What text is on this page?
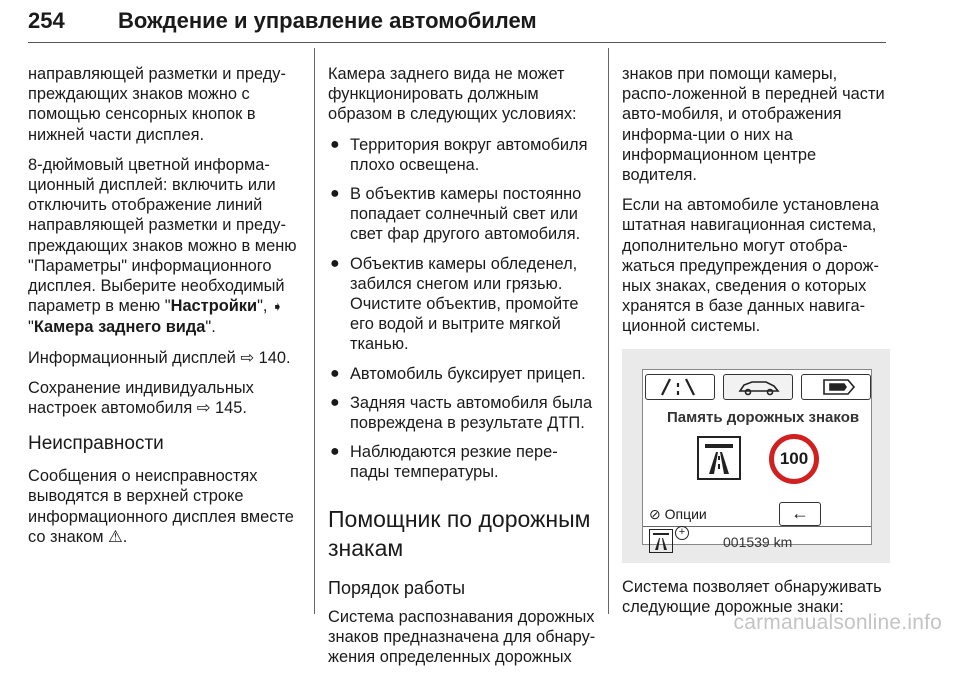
254 Вождение и управление автомобилем

направляющей разметки и преду-преждающих знаков можно с помощью сенсорных кнопок в нижней части дисплея.

8-дюймовый цветной информа-ционный дисплей: включить или отключить отображение линий направляющей разметки и преду-преждающих знаков можно в меню "Параметры" информационного дисплея. Выберите необходимый параметр в меню "Настройки", ➧ "Камера заднего вида".

Информационный дисплей ⇨ 140.

Сохранение индивидуальных настроек автомобиля ⇨ 145.

Неисправности

Сообщения о неисправностях выводятся в верхней строке информационного дисплея вместе со знаком ⚠.

Камера заднего вида не может функционировать должным образом в следующих условиях:

● Территория вокруг автомобиля плохо освещена.
● В объектив камеры постоянно попадает солнечный свет или свет фар другого автомобиля.
● Объектив камеры обледенел, забился снегом или грязью. Очистите объектив, промойте его водой и вытрите мягкой тканью.
● Автомобиль буксирует прицеп.
● Задняя часть автомобиля была повреждена в результате ДТП.
● Наблюдаются резкие пере-пады температуры.
Помощник по дорожным знакам
Порядок работы

Система распознавания дорожных знаков предназначена для обнару-жения определенных дорожных

знаков при помощи камеры, распо-ложенной в передней части авто-мобиля, и отображения информа-ции о них на информационном центре водителя.

Если на автомобиле установлена штатная навигационная система, дополнительно могут отобра-жаться предупреждения о дорож-ных знаках, сведения о которых хранятся в базе данных навига-ционной системы.

Память дорожных знаков
100
⊘ Опции	←
+
001539 km

Система позволяет обнаруживать следующие дорожные знаки:

carmanualsonline.info
